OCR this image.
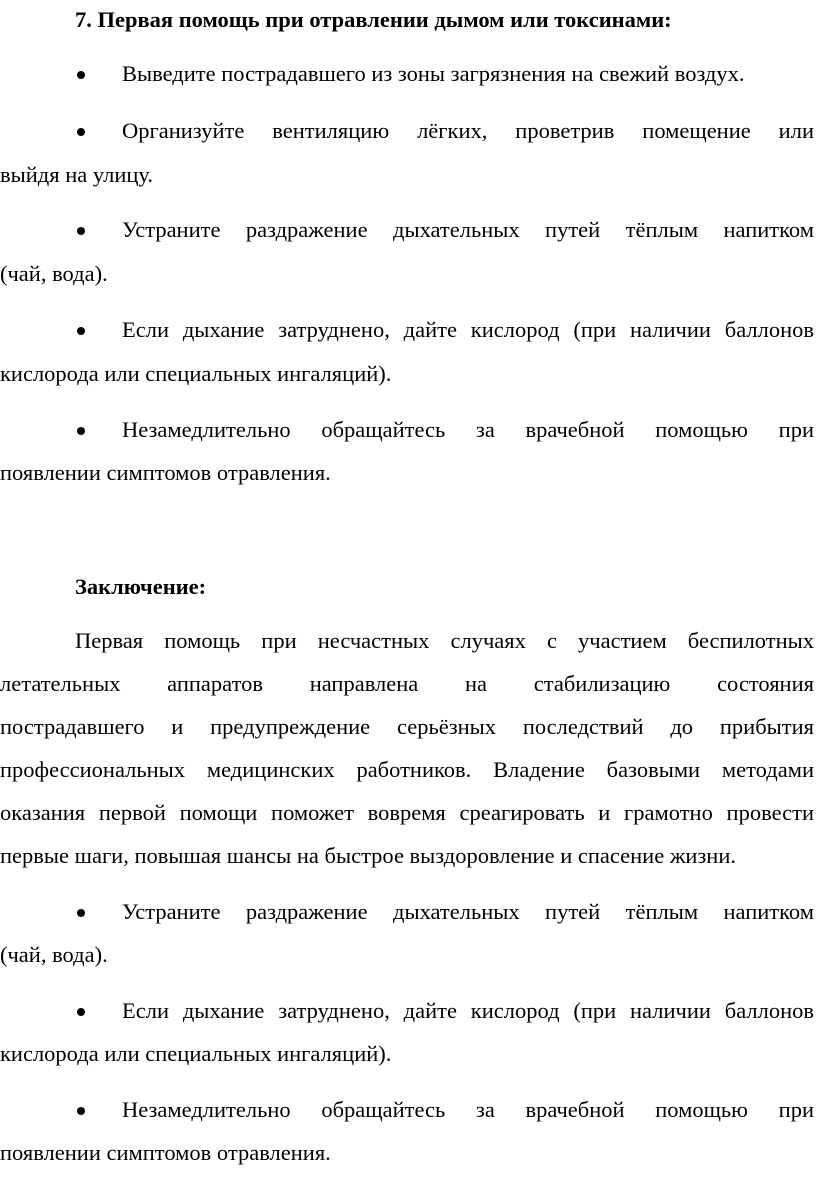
7. Первая помощь при отравлении дымом или токсинами:
Выведите пострадавшего из зоны загрязнения на свежий воздух.
Организуйте вентиляцию лёгких, проветрив помещение или
выйдя на улицу.
Устраните раздражение дыхательных путей тёплым напитком
(чай, вода).
Если дыхание затруднено, дайте кислород (при наличии баллонов
кислорода или специальных ингаляций).
Незамедлительно обращайтесь за врачебной помощью при
появлении симптомов отравления.
Заключение:
Первая помощь при несчастных случаях с участием беспилотных
летательных аппаратов направлена на стабилизацию состояния
пострадавшего и предупреждение серьёзных последствий до прибытия
профессиональных медицинских работников. Владение базовыми методами
оказания первой помощи поможет вовремя среагировать и грамотно провести
первые шаги, повышая шансы на быстрое выздоровление и спасение жизни.
Устраните раздражение дыхательных путей тёплым напитком
(чай, вода).
Если дыхание затруднено, дайте кислород (при наличии баллонов
кислорода или специальных ингаляций).
Незамедлительно обращайтесь за врачебной помощью при
появлении симптомов отравления.
